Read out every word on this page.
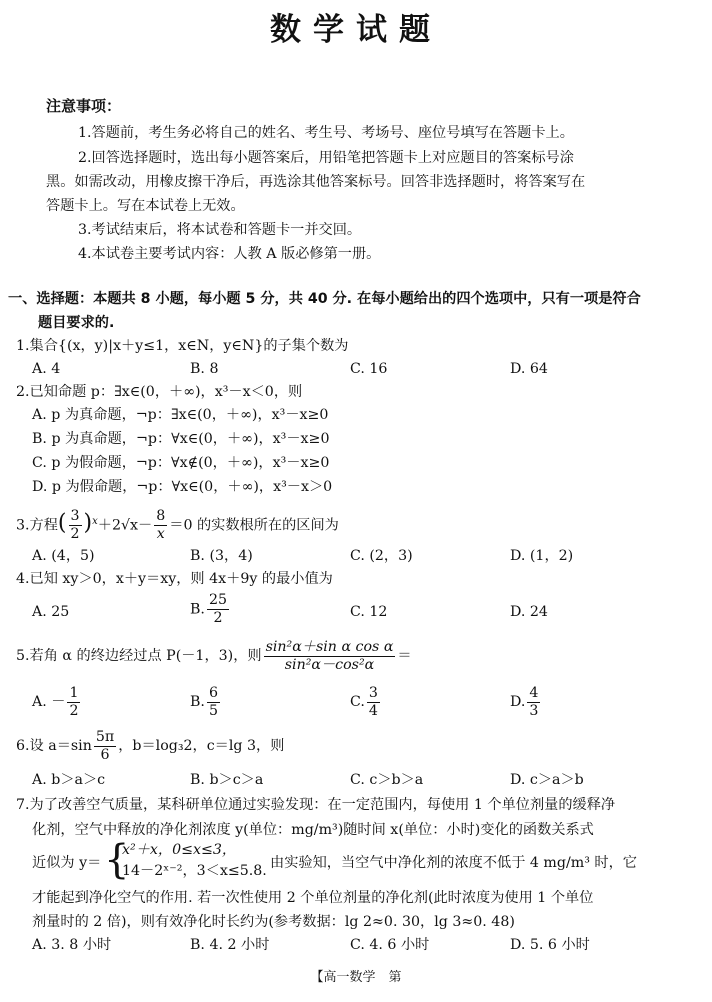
数学试题
注意事项：
1.答题前，考生务必将自己的姓名、考生号、考场号、座位号填写在答题卡上。
2.回答选择题时，选出每小题答案后，用铅笔把答题卡上对应题目的答案标号涂
黑。如需改动，用橡皮擦干净后，再选涂其他答案标号。回答非选择题时，将答案写在
答题卡上。写在本试卷上无效。
3.考试结束后，将本试卷和答题卡一并交回。
4.本试卷主要考试内容：人教 A 版必修第一册。
一、选择题：本题共 8 小题，每小题 5 分，共 40 分. 在每小题给出的四个选项中，只有一项是符合
题目要求的.
1.集合{(x，y)|x＋y≤1，x∈N，y∈N}的子集个数为
A. 4	B. 8	C. 16	D. 64
2.已知命题 p：∃x∈(0，＋∞)，x³－x＜0，则
A. p 为真命题，¬p：∃x∈(0，＋∞)，x³－x≥0
B. p 为真命题，¬p：∀x∈(0，＋∞)，x³－x≥0
C. p 为假命题，¬p：∀x∉(0，＋∞)，x³－x≥0
D. p 为假命题，¬p：∀x∈(0，＋∞)，x³－x＞0
3.方程( $\frac{3}{2} )^x+2√x- \frac{8}{x} =0$ 的实数根所在的区间为
A. (4，5)	B. (3，4)	C. (2，3)	D. (1，2)
4.已知 xy＞0，x＋y＝xy，则 4x＋9y 的最小值为
A. 25	B. $\frac{25}{2}$	C. 12	D. 24
5.若角 α 的终边经过点 P(－1，3)，则 $\frac{\text{sin²α＋sin α cos α}}{\text{sin²α－cos²α}}$ ＝
A. － $\frac{1}{2}$	B. $\frac{6}{5}$	C. $\frac{3}{4}$	D. $\frac{4}{3}$
6.设 $a=\sin \frac{5\pi}{6}$ ，b＝log₃2，c＝lg 3，则
A. b＞a＞c	B. b＞c＞a	C. c＞b＞a	D. c＞a＞b
7.为了改善空气质量，某科研单位通过实验发现：在一定范围内，每使用 1 个单位剂量的缓释净
化剂，空气中释放的净化剂浓度 y(单位：mg/m³)随时间 x(单位：小时)变化的函数关系式
近似为 y＝ {
x²＋x，0≤x≤3，
14－2ˣ⁻²，3＜x≤5.8. 由实验知，当空气中净化剂的浓度不低于 4 mg/m³ 时，它
才能起到净化空气的作用. 若一次性使用 2 个单位剂量的净化剂(此时浓度为使用 1 个单位
剂量时的 2 倍)，则有效净化时长约为(参考数据：lg 2≈0. 30，lg 3≈0. 48)
A. 3. 8 小时	B. 4. 2 小时	C. 4. 6 小时	D. 5. 6 小时
【高一数学　第
